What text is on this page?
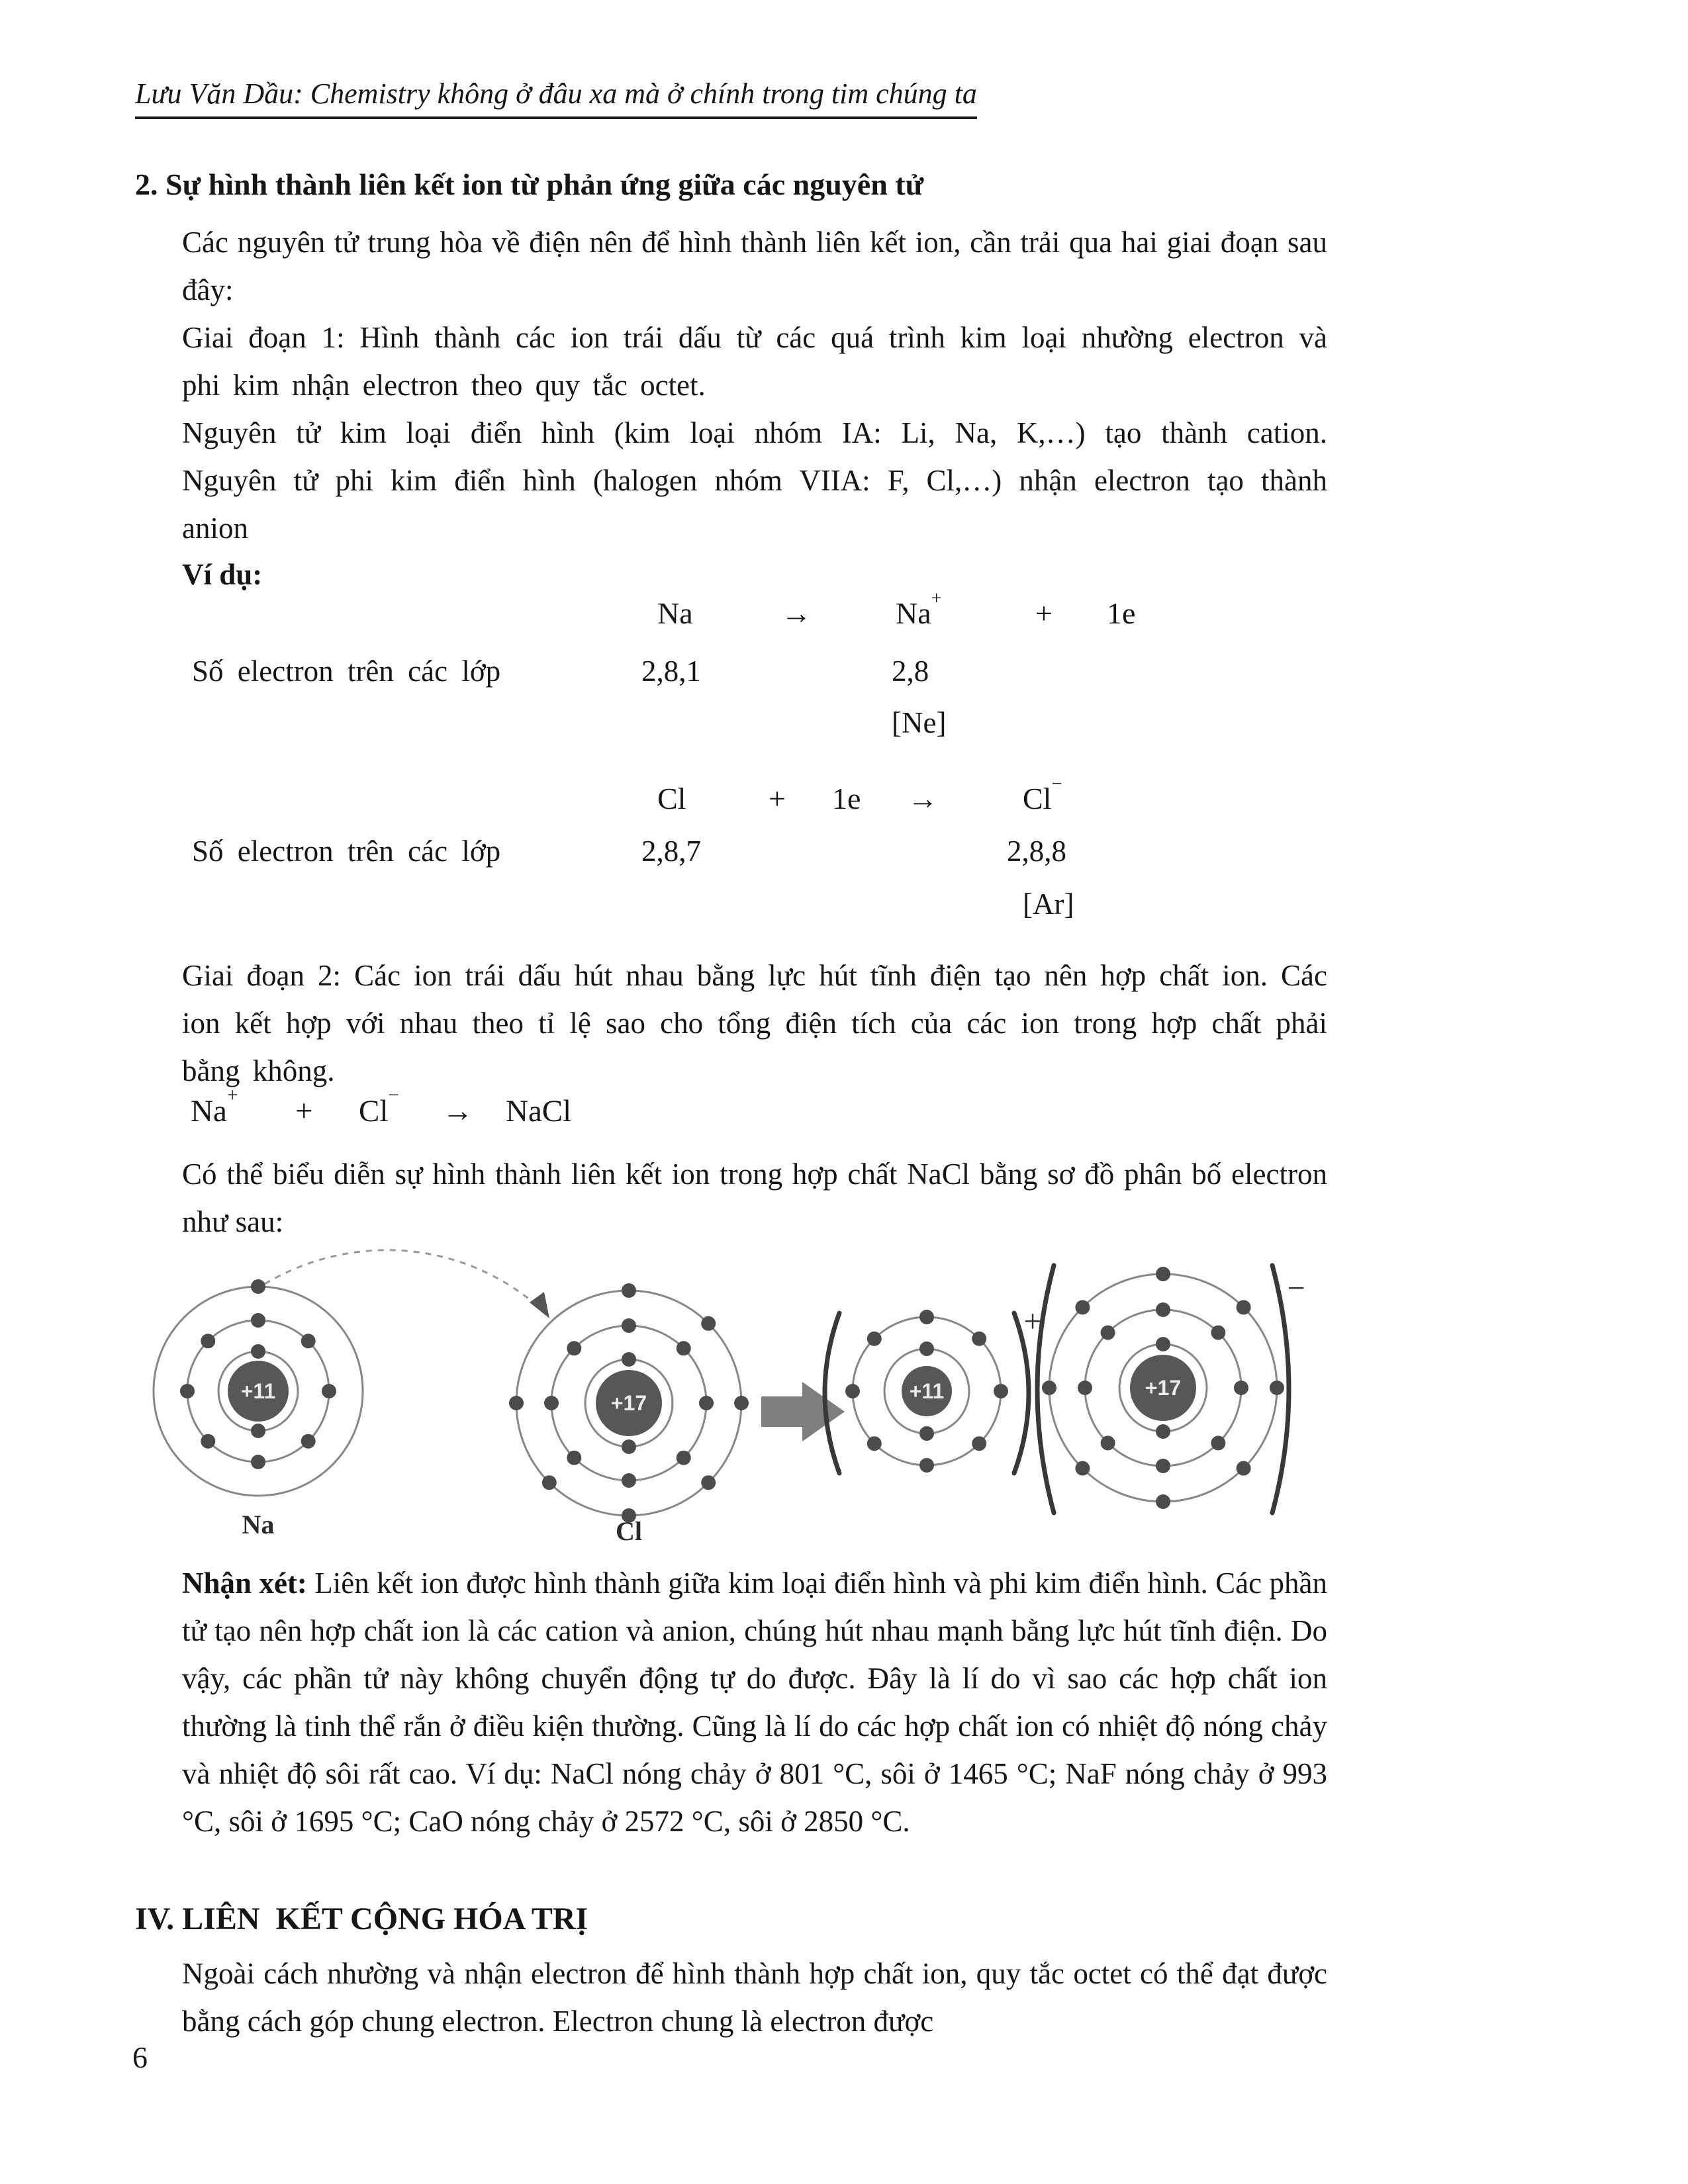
Lưu Văn Dầu: Chemistry không ở đâu xa mà ở chính trong tim chúng ta
2. Sự hình thành liên kết ion từ phản ứng giữa các nguyên tử
Các nguyên tử trung hòa về điện nên để hình thành liên kết ion, cần trải qua hai giai đoạn sau đây:
Giai đoạn 1: Hình thành các ion trái dấu từ các quá trình kim loại nhường electron và phi kim nhận electron theo quy tắc octet.
Nguyên tử kim loại điển hình (kim loại nhóm IA: Li, Na, K,…) tạo thành cation. Nguyên tử phi kim điển hình (halogen nhóm VIIA: F, Cl,…) nhận electron tạo thành anion
Ví dụ:
Na	→	Na+	+ 1e
Số electron trên các lớp	2,8,1	2,8
[Ne]
Cl	+ 1e →	Cl−
Số electron trên các lớp	2,8,7	2,8,8
[Ar]
Giai đoạn 2: Các ion trái dấu hút nhau bằng lực hút tĩnh điện tạo nên hợp chất ion. Các ion kết hợp với nhau theo tỉ lệ sao cho tổng điện tích của các ion trong hợp chất phải bằng không.
Na+ + Cl− → NaCl
Có thể biểu diễn sự hình thành liên kết ion trong hợp chất NaCl bằng sơ đồ phân bố electron như sau:
+11	+17	+11	+17
+
−
Na	Cl
Nhận xét: Liên kết ion được hình thành giữa kim loại điển hình và phi kim điển hình. Các phần tử tạo nên hợp chất ion là các cation và anion, chúng hút nhau mạnh bằng lực hút tĩnh điện. Do vậy, các phần tử này không chuyển động tự do được. Đây là lí do vì sao các hợp chất ion thường là tinh thể rắn ở điều kiện thường. Cũng là lí do các hợp chất ion có nhiệt độ nóng chảy và nhiệt độ sôi rất cao. Ví dụ: NaCl nóng chảy ở 801 °C, sôi ở 1465 °C; NaF nóng chảy ở 993 °C, sôi ở 1695 °C; CaO nóng chảy ở 2572 °C, sôi ở 2850 °C.
IV. LIÊN  KẾT CỘNG HÓA TRỊ
Ngoài cách nhường và nhận electron để hình thành hợp chất ion, quy tắc octet có thể đạt được bằng cách góp chung electron. Electron chung là electron được
6
